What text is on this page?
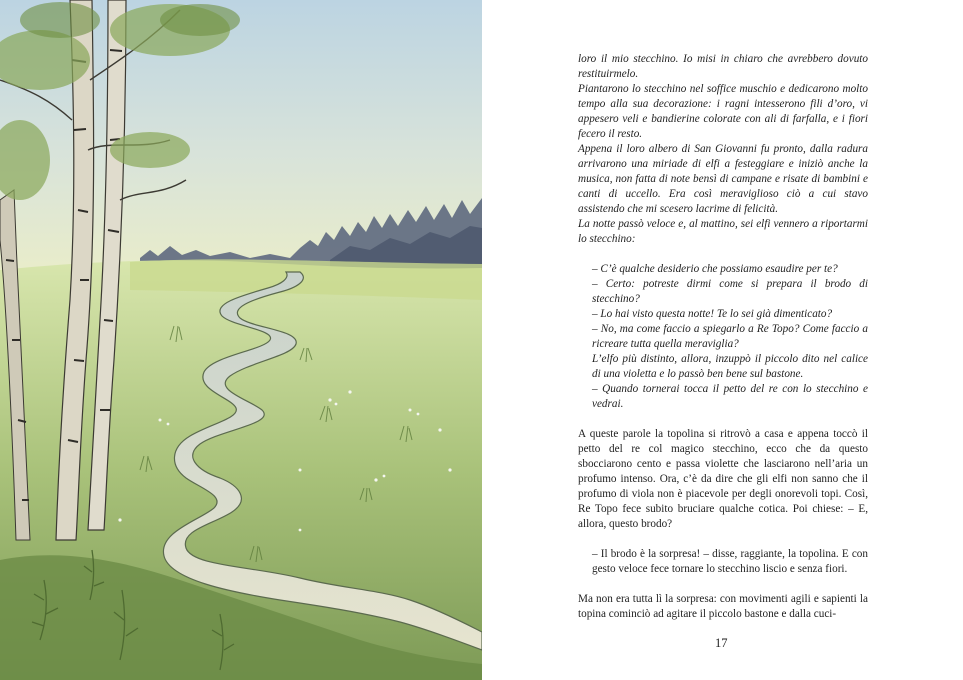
loro il mio stecchino. Io misi in chiaro che avrebbero dovuto restituirmelo.

Piantarono lo stecchino nel soffice muschio e dedicarono molto tempo alla sua decorazione: i ragni intesserono fili d’oro, vi appesero veli e bandierine colorate con ali di farfalla, e i fiori fecero il resto.

Appena il loro albero di San Giovanni fu pronto, dalla radura arrivarono una miriade di elfi a festeggiare e iniziò anche la musica, non fatta di note bensì di campane e risate di bambini e canti di uccello. Era così meraviglioso ciò a cui stavo assistendo che mi scesero lacrime di felicità.

La notte passò veloce e, al mattino, sei elfi vennero a riportarmi lo stecchino:

– C’è qualche desiderio che possiamo esaudire per te?

– Certo: potreste dirmi come si prepara il brodo di stecchino?

– Lo hai visto questa notte! Te lo sei già dimenticato?

– No, ma come faccio a spiegarlo a Re Topo? Come faccio a ricreare tutta quella meraviglia?

L’elfo più distinto, allora, inzuppò il piccolo dito nel calice di una violetta e lo passò ben bene sul bastone.

– Quando tornerai tocca il petto del re con lo stecchino e vedrai.

A queste parole la topolina si ritrovò a casa e appena toccò il petto del re col magico stecchino, ecco che da questo sbocciarono cento e passa violette che lasciarono nell’aria un profumo intenso. Ora, c’è da dire che gli elfi non sanno che il profumo di viola non è piacevole per degli onorevoli topi. Così, Re Topo fece subito bruciare qualche cotica. Poi chiese: – E, allora, questo brodo?

– Il brodo è la sorpresa! – disse, raggiante, la topolina. E con gesto veloce fece tornare lo stecchino liscio e senza fiori.

Ma non era tutta lì la sorpresa: con movimenti agili e sapienti la topina cominciò ad agitare il piccolo bastone e dalla cuci-

17
